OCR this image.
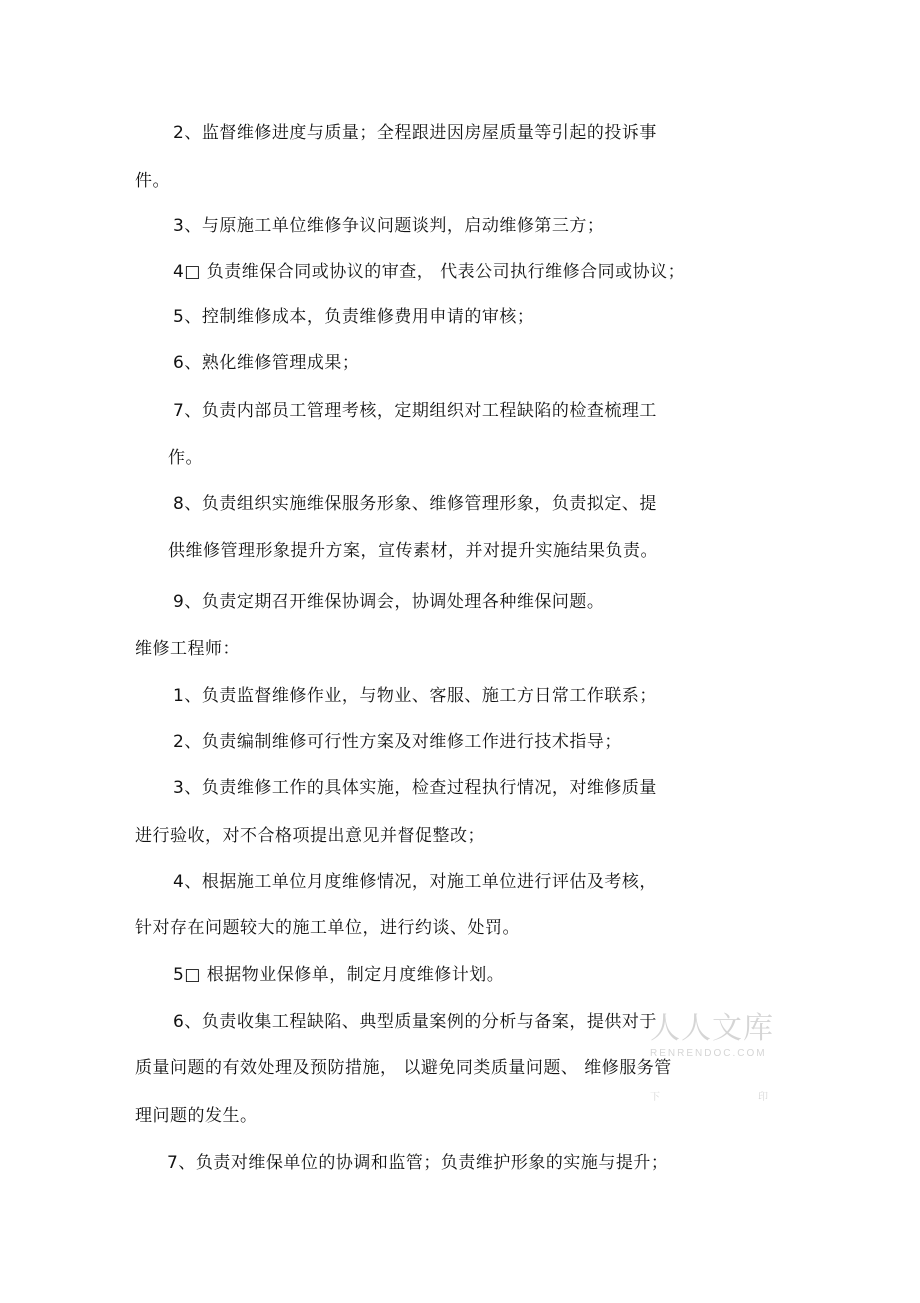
2、监督维修进度与质量；全程跟进因房屋质量等引起的投诉事
件。
3、与原施工单位维修争议问题谈判，启动维修第三方；
4□ 负责维保合同或协议的审查， 代表公司执行维修合同或协议；
5、控制维修成本，负责维修费用申请的审核；
6、熟化维修管理成果；
7、负责内部员工管理考核，定期组织对工程缺陷的检查梳理工
作。
8、负责组织实施维保服务形象、维修管理形象，负责拟定、提
供维修管理形象提升方案，宣传素材，并对提升实施结果负责。
9、负责定期召开维保协调会，协调处理各种维保问题。
维修工程师：
1、负责监督维修作业，与物业、客服、施工方日常工作联系；
2、负责编制维修可行性方案及对维修工作进行技术指导；
3、负责维修工作的具体实施，检查过程执行情况，对维修质量
进行验收，对不合格项提出意见并督促整改；
4、根据施工单位月度维修情况，对施工单位进行评估及考核，
针对存在问题较大的施工单位，进行约谈、处罚。
5□ 根据物业保修单，制定月度维修计划。
6、负责收集工程缺陷、典型质量案例的分析与备案，提供对于
质量问题的有效处理及预防措施， 以避免同类质量问题、 维修服务管
理问题的发生。
7、负责对维保单位的协调和监管；负责维护形象的实施与提升；
人人文库
RENRENDOC.COM
下	印
